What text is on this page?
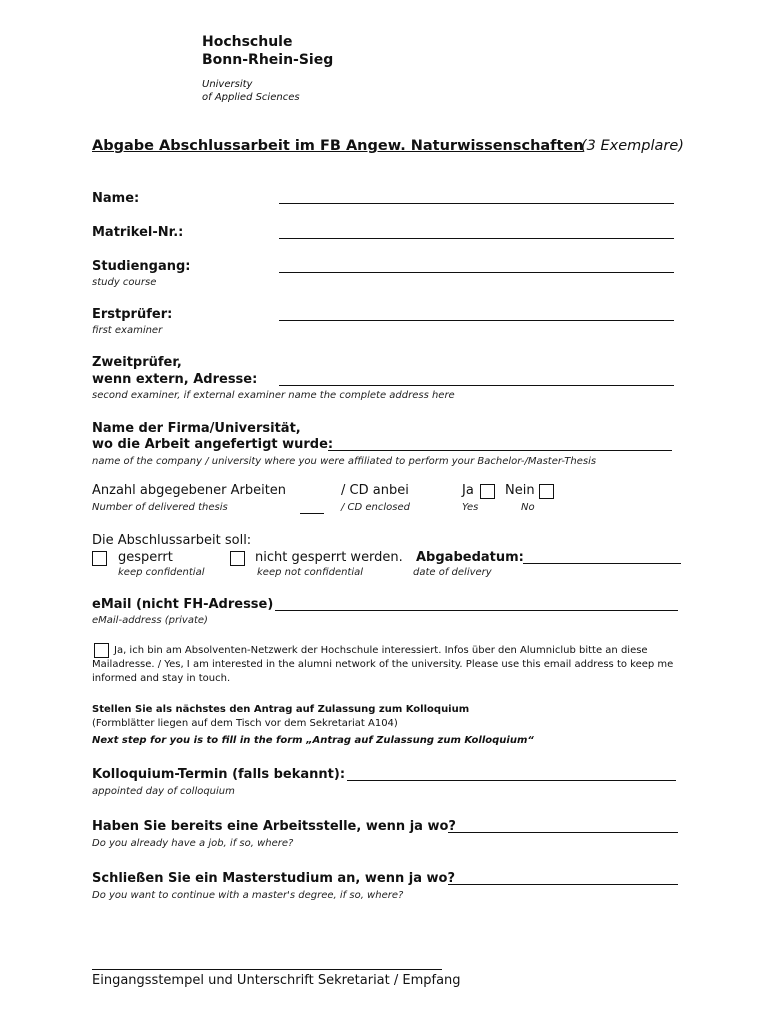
Hochschule
Bonn-Rhein-Sieg
University
of Applied Sciences
Abgabe Abschlussarbeit im FB Angew. Naturwissenschaften
(3 Exemplare)
Name:
Matrikel-Nr.:
Studiengang:
study course
Erstprüfer:
first examiner
Zweitprüfer,
wenn extern, Adresse:
second examiner, if external examiner name the complete address here
Name der Firma/Universität,
wo die Arbeit angefertigt wurde:
name of the company / university where you were affiliated to perform your Bachelor-/Master-Thesis
Anzahl abgegebener Arbeiten
Number of delivered thesis
/ CD anbei
/ CD enclosed
Ja Nein
Yes	No
Die Abschlussarbeit soll:
gesperrt
keep confidential
nicht gesperrt werden.
keep not confidential
Abgabedatum:
date of delivery
eMail (nicht FH-Adresse)
eMail-address (private)
Ja, ich bin am Absolventen-Netzwerk der Hochschule interessiert. Infos über den Alumniclub bitte an diese
Mailadresse. / Yes, I am interested in the alumni network of the university. Please use this email address to keep me
informed and stay in touch.
Stellen Sie als nächstes den Antrag auf Zulassung zum Kolloquium
(Formblätter liegen auf dem Tisch vor dem Sekretariat A104)
Next step for you is to fill in the form „Antrag auf Zulassung zum Kolloquium“
Kolloquium-Termin (falls bekannt):
appointed day of colloquium
Haben Sie bereits eine Arbeitsstelle, wenn ja wo?
Do you already have a job, if so, where?
Schließen Sie ein Masterstudium an, wenn ja wo?
Do you want to continue with a master's degree, if so, where?
Eingangsstempel und Unterschrift Sekretariat / Empfang
